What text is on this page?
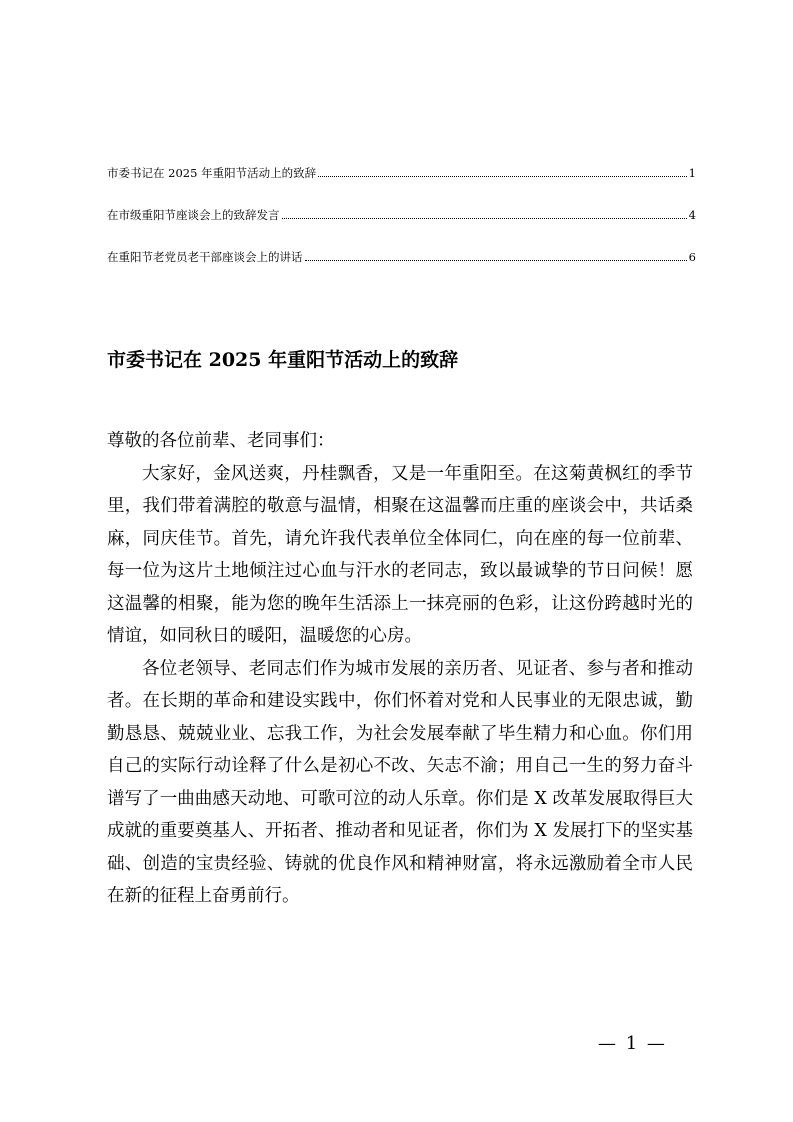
市委书记在 2025 年重阳节活动上的致辞	1
在市级重阳节座谈会上的致辞发言	4
在重阳节老党员老干部座谈会上的讲话	6
市委书记在 2025 年重阳节活动上的致辞

尊敬的各位前辈、老同事们：

大家好，金风送爽，丹桂飘香，又是一年重阳至。在这菊黄枫红的季节里，我们带着满腔的敬意与温情，相聚在这温馨而庄重的座谈会中，共话桑麻，同庆佳节。首先，请允许我代表单位全体同仁，向在座的每一位前辈、每一位为这片土地倾注过心血与汗水的老同志，致以最诚挚的节日问候！愿这温馨的相聚，能为您的晚年生活添上一抹亮丽的色彩，让这份跨越时光的情谊，如同秋日的暖阳，温暖您的心房。

各位老领导、老同志们作为城市发展的亲历者、见证者、参与者和推动者。在长期的革命和建设实践中，你们怀着对党和人民事业的无限忠诚，勤勤恳恳、兢兢业业、忘我工作，为社会发展奉献了毕生精力和心血。你们用自己的实际行动诠释了什么是初心不改、矢志不渝；用自己一生的努力奋斗谱写了一曲曲感天动地、可歌可泣的动人乐章。你们是 X 改革发展取得巨大成就的重要奠基人、开拓者、推动者和见证者，你们为 X 发展打下的坚实基础、创造的宝贵经验、铸就的优良作风和精神财富，将永远激励着全市人民在新的征程上奋勇前行。

— 1 —
